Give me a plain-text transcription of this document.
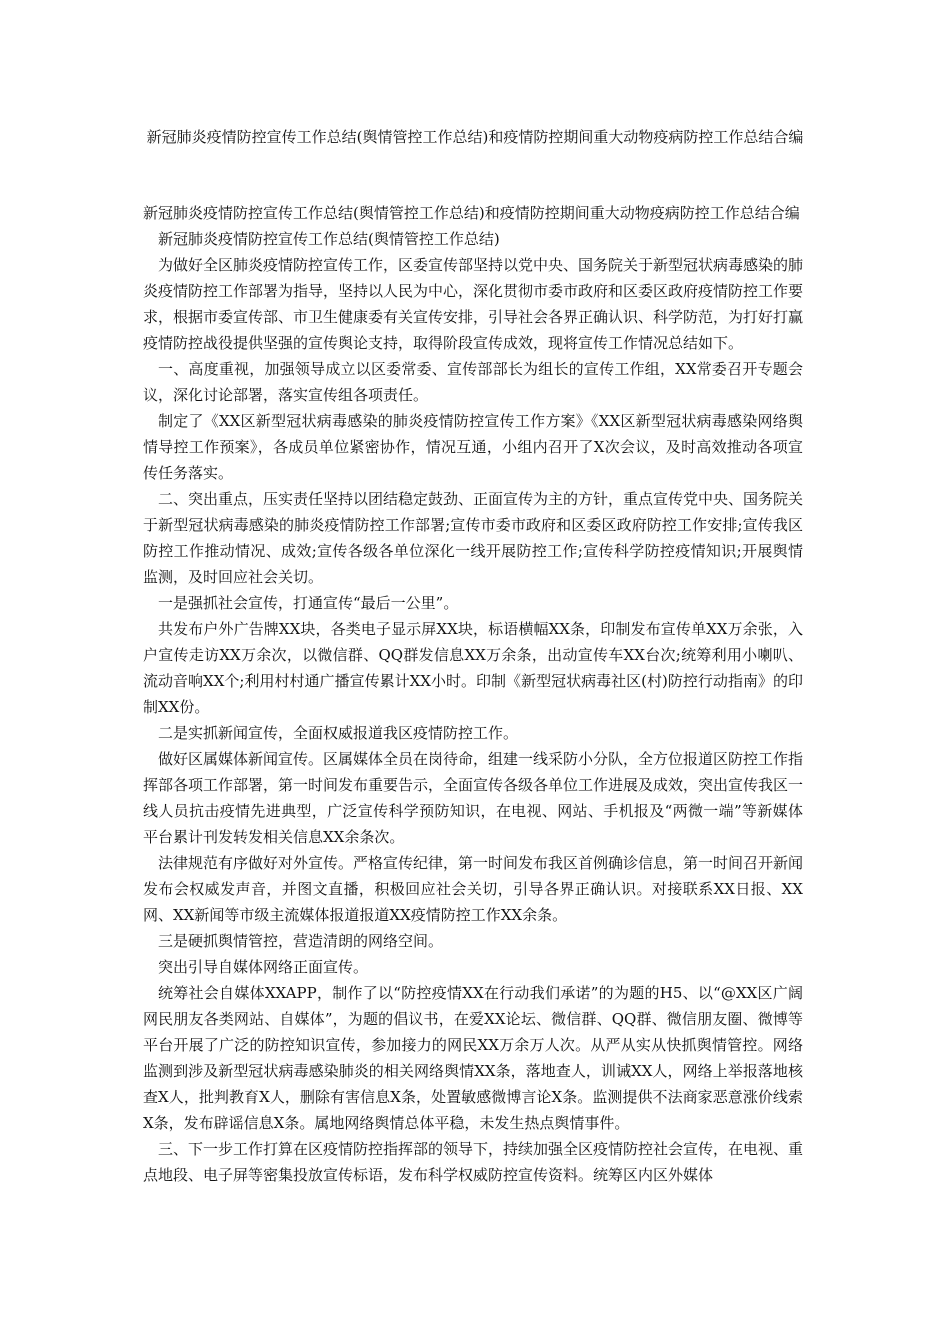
新冠肺炎疫情防控宣传工作总结(舆情管控工作总结)和疫情防控期间重大动物疫病防控工作总结合编

新冠肺炎疫情防控宣传工作总结(舆情管控工作总结)和疫情防控期间重大动物疫病防控工作总结合编

新冠肺炎疫情防控宣传工作总结(舆情管控工作总结)

为做好全区肺炎疫情防控宣传工作，区委宣传部坚持以党中央、国务院关于新型冠状病毒感染的肺炎疫情防控工作部署为指导，坚持以人民为中心，深化贯彻市委市政府和区委区政府疫情防控工作要求，根据市委宣传部、市卫生健康委有关宣传安排，引导社会各界正确认识、科学防范，为打好打赢疫情防控战役提供坚强的宣传舆论支持，取得阶段宣传成效，现将宣传工作情况总结如下。

一、高度重视，加强领导成立以区委常委、宣传部部长为组长的宣传工作组，XX常委召开专题会议，深化讨论部署，落实宣传组各项责任。

制定了《XX区新型冠状病毒感染的肺炎疫情防控宣传工作方案》《XX区新型冠状病毒感染网络舆情导控工作预案》，各成员单位紧密协作，情况互通，小组内召开了X次会议，及时高效推动各项宣传任务落实。

二、突出重点，压实责任坚持以团结稳定鼓劲、正面宣传为主的方针，重点宣传党中央、国务院关于新型冠状病毒感染的肺炎疫情防控工作部署;宣传市委市政府和区委区政府防控工作安排;宣传我区防控工作推动情况、成效;宣传各级各单位深化一线开展防控工作;宣传科学防控疫情知识;开展舆情监测，及时回应社会关切。

一是强抓社会宣传，打通宣传“最后一公里”。

共发布户外广告牌XX块，各类电子显示屏XX块，标语横幅XX条，印制发布宣传单XX万余张，入户宣传走访XX万余次，以微信群、QQ群发信息XX万余条，出动宣传车XX台次;统筹利用小喇叭、流动音响XX个;利用村村通广播宣传累计XX小时。印制《新型冠状病毒社区(村)防控行动指南》的印制XX份。

二是实抓新闻宣传，全面权威报道我区疫情防控工作。

做好区属媒体新闻宣传。区属媒体全员在岗待命，组建一线采防小分队，全方位报道区防控工作指挥部各项工作部署，第一时间发布重要告示，全面宣传各级各单位工作进展及成效，突出宣传我区一线人员抗击疫情先进典型，广泛宣传科学预防知识，在电视、网站、手机报及“两微一端”等新媒体平台累计刊发转发相关信息XX余条次。

法律规范有序做好对外宣传。严格宣传纪律，第一时间发布我区首例确诊信息，第一时间召开新闻发布会权威发声音，并图文直播，积极回应社会关切，引导各界正确认识。对接联系XX日报、XX网、XX新闻等市级主流媒体报道报道XX疫情防控工作XX余条。

三是硬抓舆情管控，营造清朗的网络空间。

突出引导自媒体网络正面宣传。

统筹社会自媒体XXAPP，制作了以“防控疫情XX在行动我们承诺”的为题的H5、以“@XX区广阔网民朋友各类网站、自媒体”，为题的倡议书，在爱XX论坛、微信群、QQ群、微信朋友圈、微博等平台开展了广泛的防控知识宣传，参加接力的网民XX万余万人次。从严从实从快抓舆情管控。网络监测到涉及新型冠状病毒感染肺炎的相关网络舆情XX条，落地查人，训诫XX人，网络上举报落地核查X人，批判教育X人，删除有害信息X条，处置敏感微博言论X条。监测提供不法商家恶意涨价线索X条，发布辟谣信息X条。属地网络舆情总体平稳，未发生热点舆情事件。

三、下一步工作打算在区疫情防控指挥部的领导下，持续加强全区疫情防控社会宣传，在电视、重点地段、电子屏等密集投放宣传标语，发布科学权威防控宣传资料。统筹区内区外媒体
